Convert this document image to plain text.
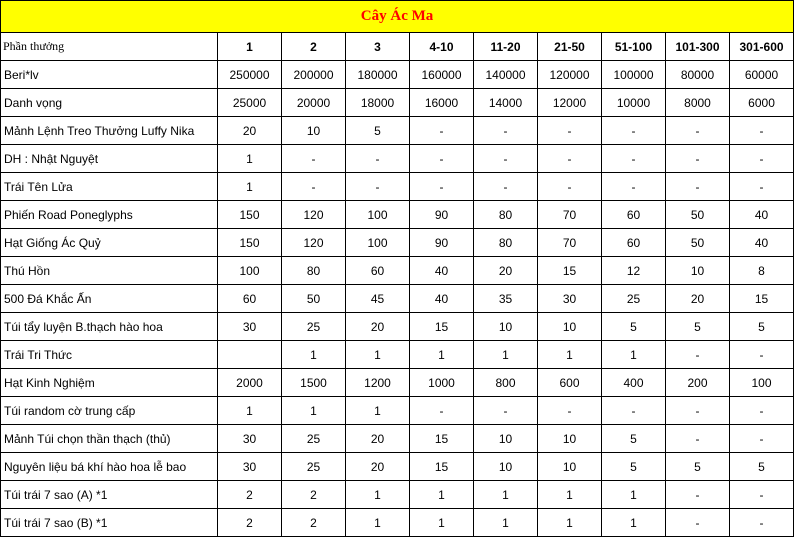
Cây Ác Ma									
Phần thưởng	1	2	3	4-10	11-20	21-50	51-100	101-300	301-600
Beri*lv	250000	200000	180000	160000	140000	120000	100000	80000	60000
Danh vọng	25000	20000	18000	16000	14000	12000	10000	8000	6000
Mảnh Lệnh Treo Thưởng Luffy Nika	20	10	5	-	-	-	-	-	-
DH : Nhật Nguyệt	1	-	-	-	-	-	-	-	-
Trái Tên Lửa	1	-	-	-	-	-	-	-	-
Phiến Road Poneglyphs	150	120	100	90	80	70	60	50	40
Hạt Giống Ác Quỷ	150	120	100	90	80	70	60	50	40
Thú Hồn	100	80	60	40	20	15	12	10	8
500 Đá Khắc Ấn	60	50	45	40	35	30	25	20	15
Túi tẩy luyện B.thạch hào hoa	30	25	20	15	10	10	5	5	5
Trái Tri Thức		1	1	1	1	1	1	-	-
Hạt Kinh Nghiệm	2000	1500	1200	1000	800	600	400	200	100
Túi random cờ trung cấp	1	1	1	-	-	-	-	-	-
Mảnh Túi chọn thần thạch (thủ)	30	25	20	15	10	10	5	-	-
Nguyên liệu bá khí hào hoa lễ bao	30	25	20	15	10	10	5	5	5
Túi trái 7 sao (A) *1	2	2	1	1	1	1	1	-	-
Túi trái 7 sao (B) *1	2	2	1	1	1	1	1	-	-
